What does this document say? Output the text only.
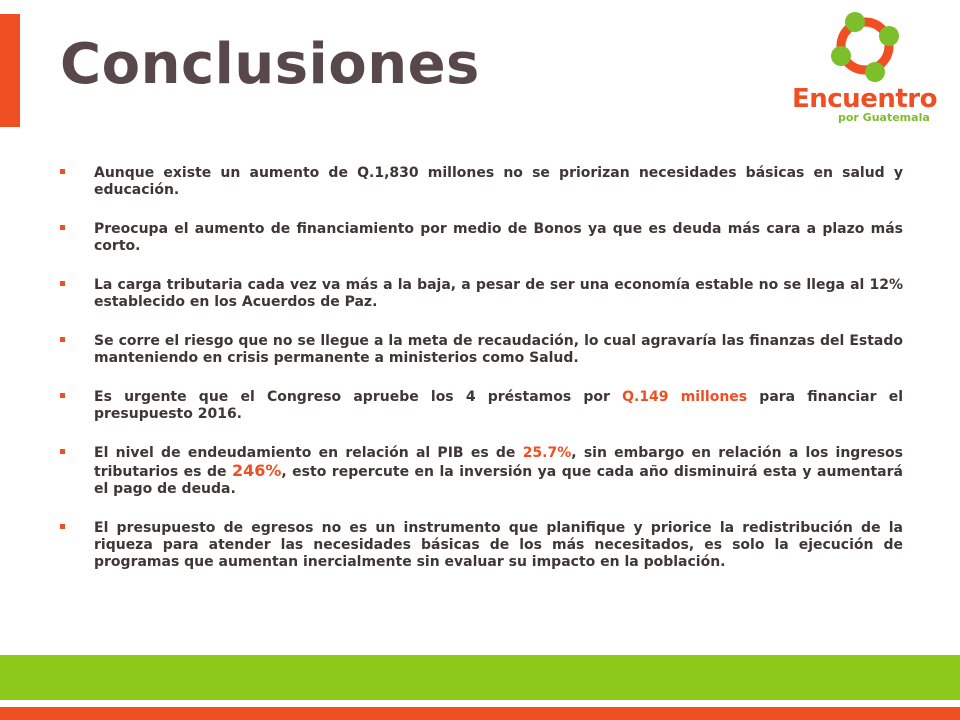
Conclusiones
Encuentro
por Guatemala

Aunque existe un aumento de Q.1,830 millones no se priorizan necesidades básicas en salud y educación.

Preocupa el aumento de financiamiento por medio de Bonos ya que es deuda más cara a plazo más corto.

La carga tributaria cada vez va más a la baja, a pesar de ser una economía estable no se llega al 12% establecido en los Acuerdos de Paz.

Se corre el riesgo que no se llegue a la meta de recaudación, lo cual agravaría las finanzas del Estado manteniendo en crisis permanente a ministerios como Salud.

Es urgente que el Congreso apruebe los 4 préstamos por Q.149 millones para financiar el presupuesto 2016.

El nivel de endeudamiento en relación al PIB es de 25.7%, sin embargo en relación a los ingresos tributarios es de 246%, esto repercute en la inversión ya que cada año disminuirá esta y aumentará el pago de deuda.

El presupuesto de egresos no es un instrumento que planifique y priorice la redistribución de la riqueza para atender las necesidades básicas de los más necesitados, es solo la ejecución de programas que aumentan inercialmente sin evaluar su impacto en la población.
